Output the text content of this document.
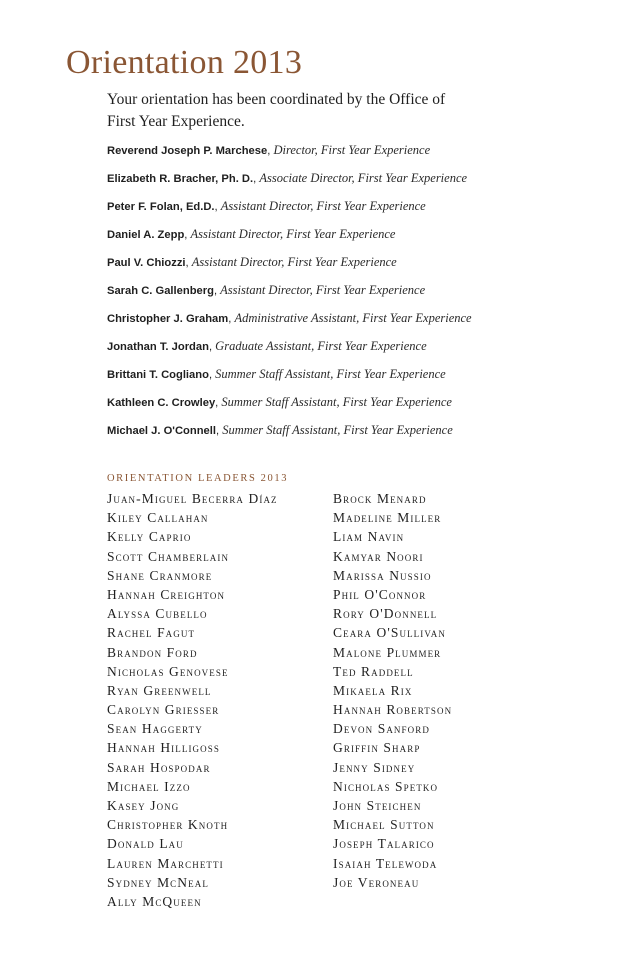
Orientation 2013

Your orientation has been coordinated by the Office of First Year Experience.

Reverend Joseph P. Marchese, Director, First Year Experience
Elizabeth R. Bracher, Ph. D., Associate Director, First Year Experience
Peter F. Folan, Ed.D., Assistant Director, First Year Experience
Daniel A. Zepp, Assistant Director, First Year Experience
Paul V. Chiozzi, Assistant Director, First Year Experience
Sarah C. Gallenberg, Assistant Director, First Year Experience
Christopher J. Graham, Administrative Assistant, First Year Experience
Jonathan T. Jordan, Graduate Assistant, First Year Experience
Brittani T. Cogliano, Summer Staff Assistant, First Year Experience
Kathleen C. Crowley, Summer Staff Assistant, First Year Experience
Michael J. O'Connell, Summer Staff Assistant, First Year Experience
ORIENTATION LEADERS 2013
Juan-Miguel Becerra Díaz
Kiley Callahan
Kelly Caprio
Scott Chamberlain
Shane Cranmore
Hannah Creighton
Alyssa Cubello
Rachel Fagut
Brandon Ford
Nicholas Genovese
Ryan Greenwell
Carolyn Griesser
Sean Haggerty
Hannah Hilligoss
Sarah Hospodar
Michael Izzo
Kasey Jong
Christopher Knoth
Donald Lau
Lauren Marchetti
Sydney McNeal
Ally McQueen
Brock Menard
Madeline Miller
Liam Navin
Kamyar Noori
Marissa Nussio
Phil O'Connor
Rory O'Donnell
Ceara O'Sullivan
Malone Plummer
Ted Raddell
Mikaela Rix
Hannah Robertson
Devon Sanford
Griffin Sharp
Jenny Sidney
Nicholas Spetko
John Steichen
Michael Sutton
Joseph Talarico
Isaiah Telewoda
Joe Veroneau
